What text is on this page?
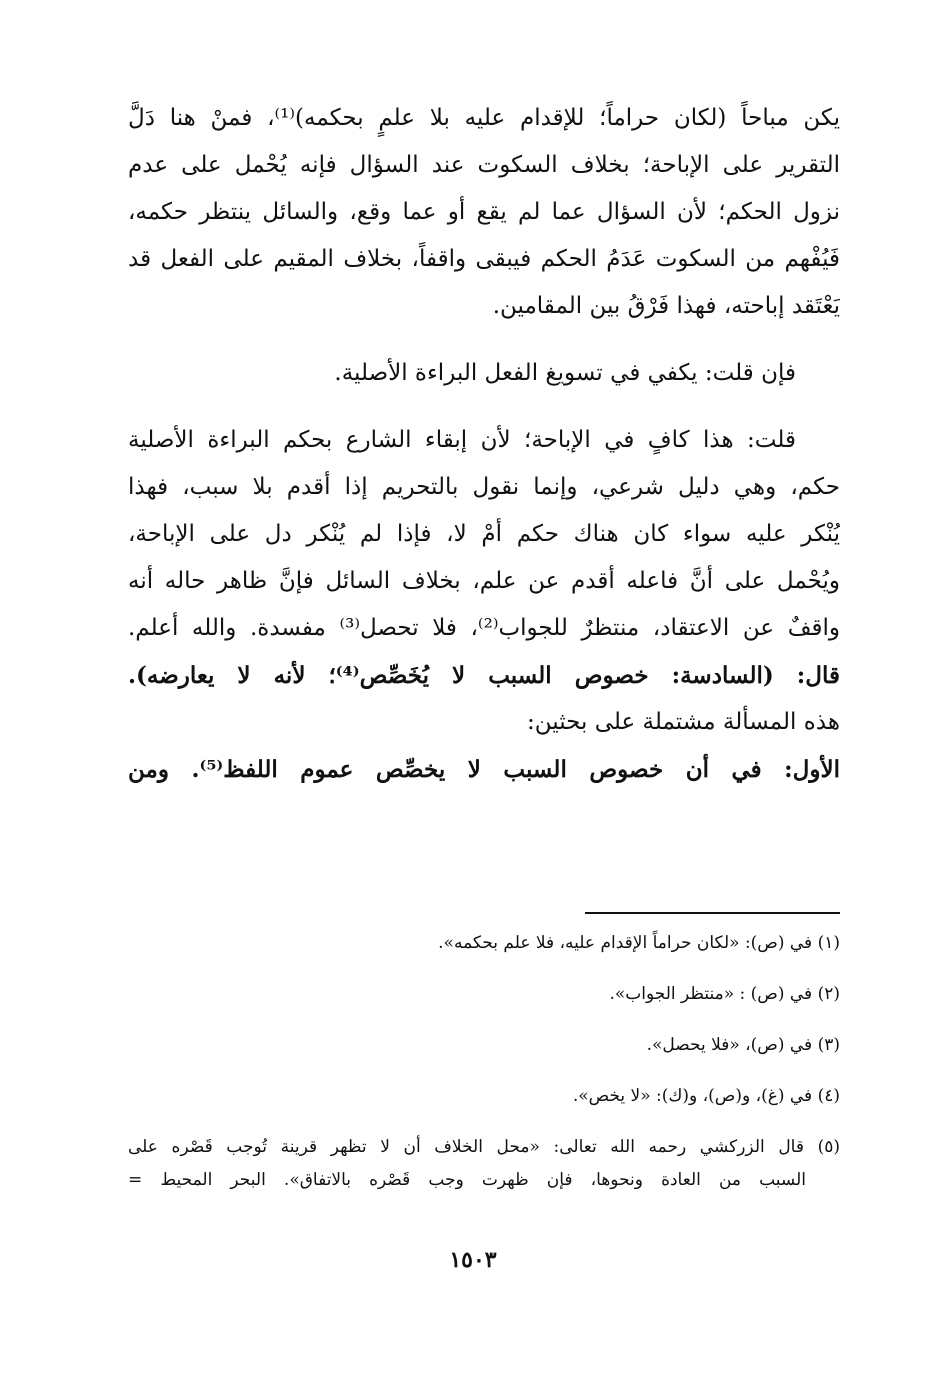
يكن مباحاً (لكان حراماً؛ للإقدام عليه بلا علمٍ بحكمه)⁽¹⁾، فمنْ هنا دَلَّ
التقرير على الإباحة؛ بخلاف السكوت عند السؤال فإنه يُحْمل على عدم
نزول الحكم؛ لأن السؤال عما لم يقع أو عما وقع، والسائل ينتظر حكمه،
فَيُفْهم من السكوت عَدَمُ الحكم فيبقى واقفاً، بخلاف المقيم على الفعل قد
يَعْتَقد إباحته، فهذا فَرْقُ بين المقامين.
فإن قلت: يكفي في تسويغ الفعل البراءة الأصلية.
قلت: هذا كافٍ في الإباحة؛ لأن إبقاء الشارع بحكم البراءة الأصلية
حكم، وهي دليل شرعي، وإنما نقول بالتحريم إذا أقدم بلا سبب، فهذا
يُنْكر عليه سواء كان هناك حكم أمْ لا، فإذا لم يُنْكر دل على الإباحة،
ويُحْمل على أنَّ فاعله أقدم عن علم، بخلاف السائل فإنَّ ظاهر حاله أنه
واقفٌ عن الاعتقاد، منتظرٌ للجواب⁽²⁾، فلا تحصل⁽³⁾ مفسدة. والله أعلم.
قال: (السادسة: خصوص السبب لا يُخَصِّص⁽⁴⁾؛ لأنه لا يعارضه).
هذه المسألة مشتملة على بحثين:
الأول: في أن خصوص السبب لا يخصِّص عموم اللفظ⁽⁵⁾. ومن
(١) في (ص): «لكان حراماً الإقدام عليه، فلا علم بحكمه».
(٢) في (ص) : «منتظر الجواب».
(٣) في (ص)، «فلا يحصل».
(٤) في (غ)، و(ص)، و(ك): «لا يخص».
(٥) قال الزركشي رحمه الله تعالى: «محل الخلاف أن لا تظهر قرينة تُوجب قَصْره على
السبب من العادة ونحوها، فإن ظهرت وجب قَصْره بالاتفاق». البحر المحيط =
١٥٠٣
